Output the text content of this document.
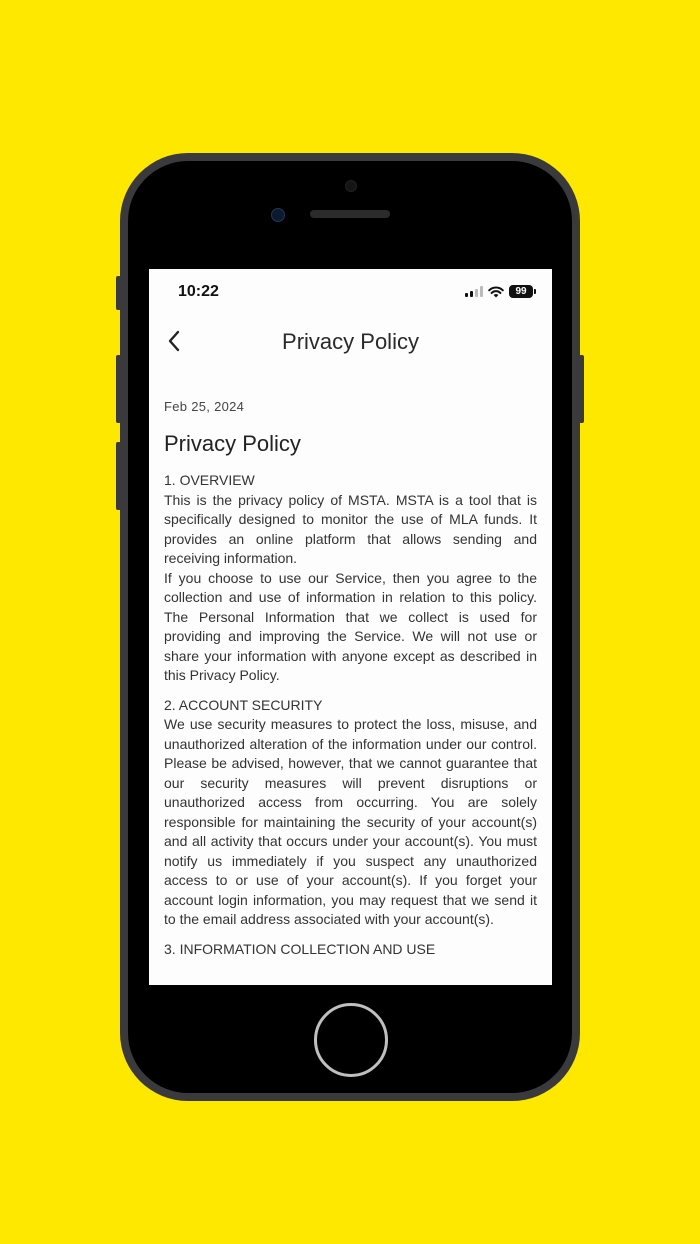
10:22	99
Privacy Policy

Feb 25, 2024

Privacy Policy

1. OVERVIEW

This is the privacy policy of MSTA. MSTA is a tool that is specifically designed to monitor the use of MLA funds. It provides an online platform that allows sending and receiving information.

If you choose to use our Service, then you agree to the collection and use of information in relation to this policy. The Personal Information that we collect is used for providing and improving the Service. We will not use or share your information with anyone except as described in this Privacy Policy.

2. ACCOUNT SECURITY

We use security measures to protect the loss, misuse, and unauthorized alteration of the information under our control. Please be advised, however, that we cannot guarantee that our security measures will prevent disruptions or unauthorized access from occurring. You are solely responsible for maintaining the security of your account(s) and all activity that occurs under your account(s). You must notify us immediately if you suspect any unauthorized access to or use of your account(s). If you forget your account login information, you may request that we send it to the email address associated with your account(s).

3. INFORMATION COLLECTION AND USE
